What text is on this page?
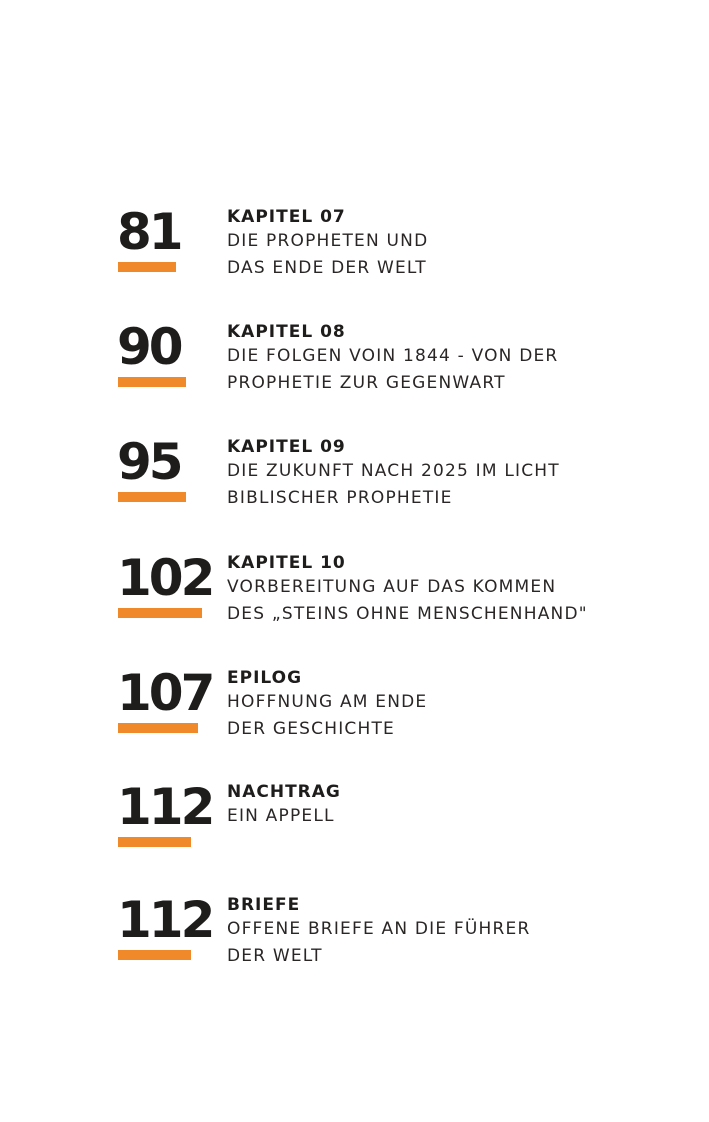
81	KAPITEL 07
DIE PROPHETEN UND
DAS ENDE DER WELT
90	KAPITEL 08
DIE FOLGEN VOIN 1844 - VON DER
PROPHETIE ZUR GEGENWART
95	KAPITEL 09
DIE ZUKUNFT NACH 2025 IM LICHT
BIBLISCHER PROPHETIE
102 KAPITEL 10
VORBEREITUNG AUF DAS KOMMEN
DES „STEINS OHNE MENSCHENHAND"
107 EPILOG
HOFFNUNG AM ENDE
DER GESCHICHTE
112 NACHTRAG
EIN APPELL
112 BRIEFE
OFFENE BRIEFE AN DIE FÜHRER
DER WELT
